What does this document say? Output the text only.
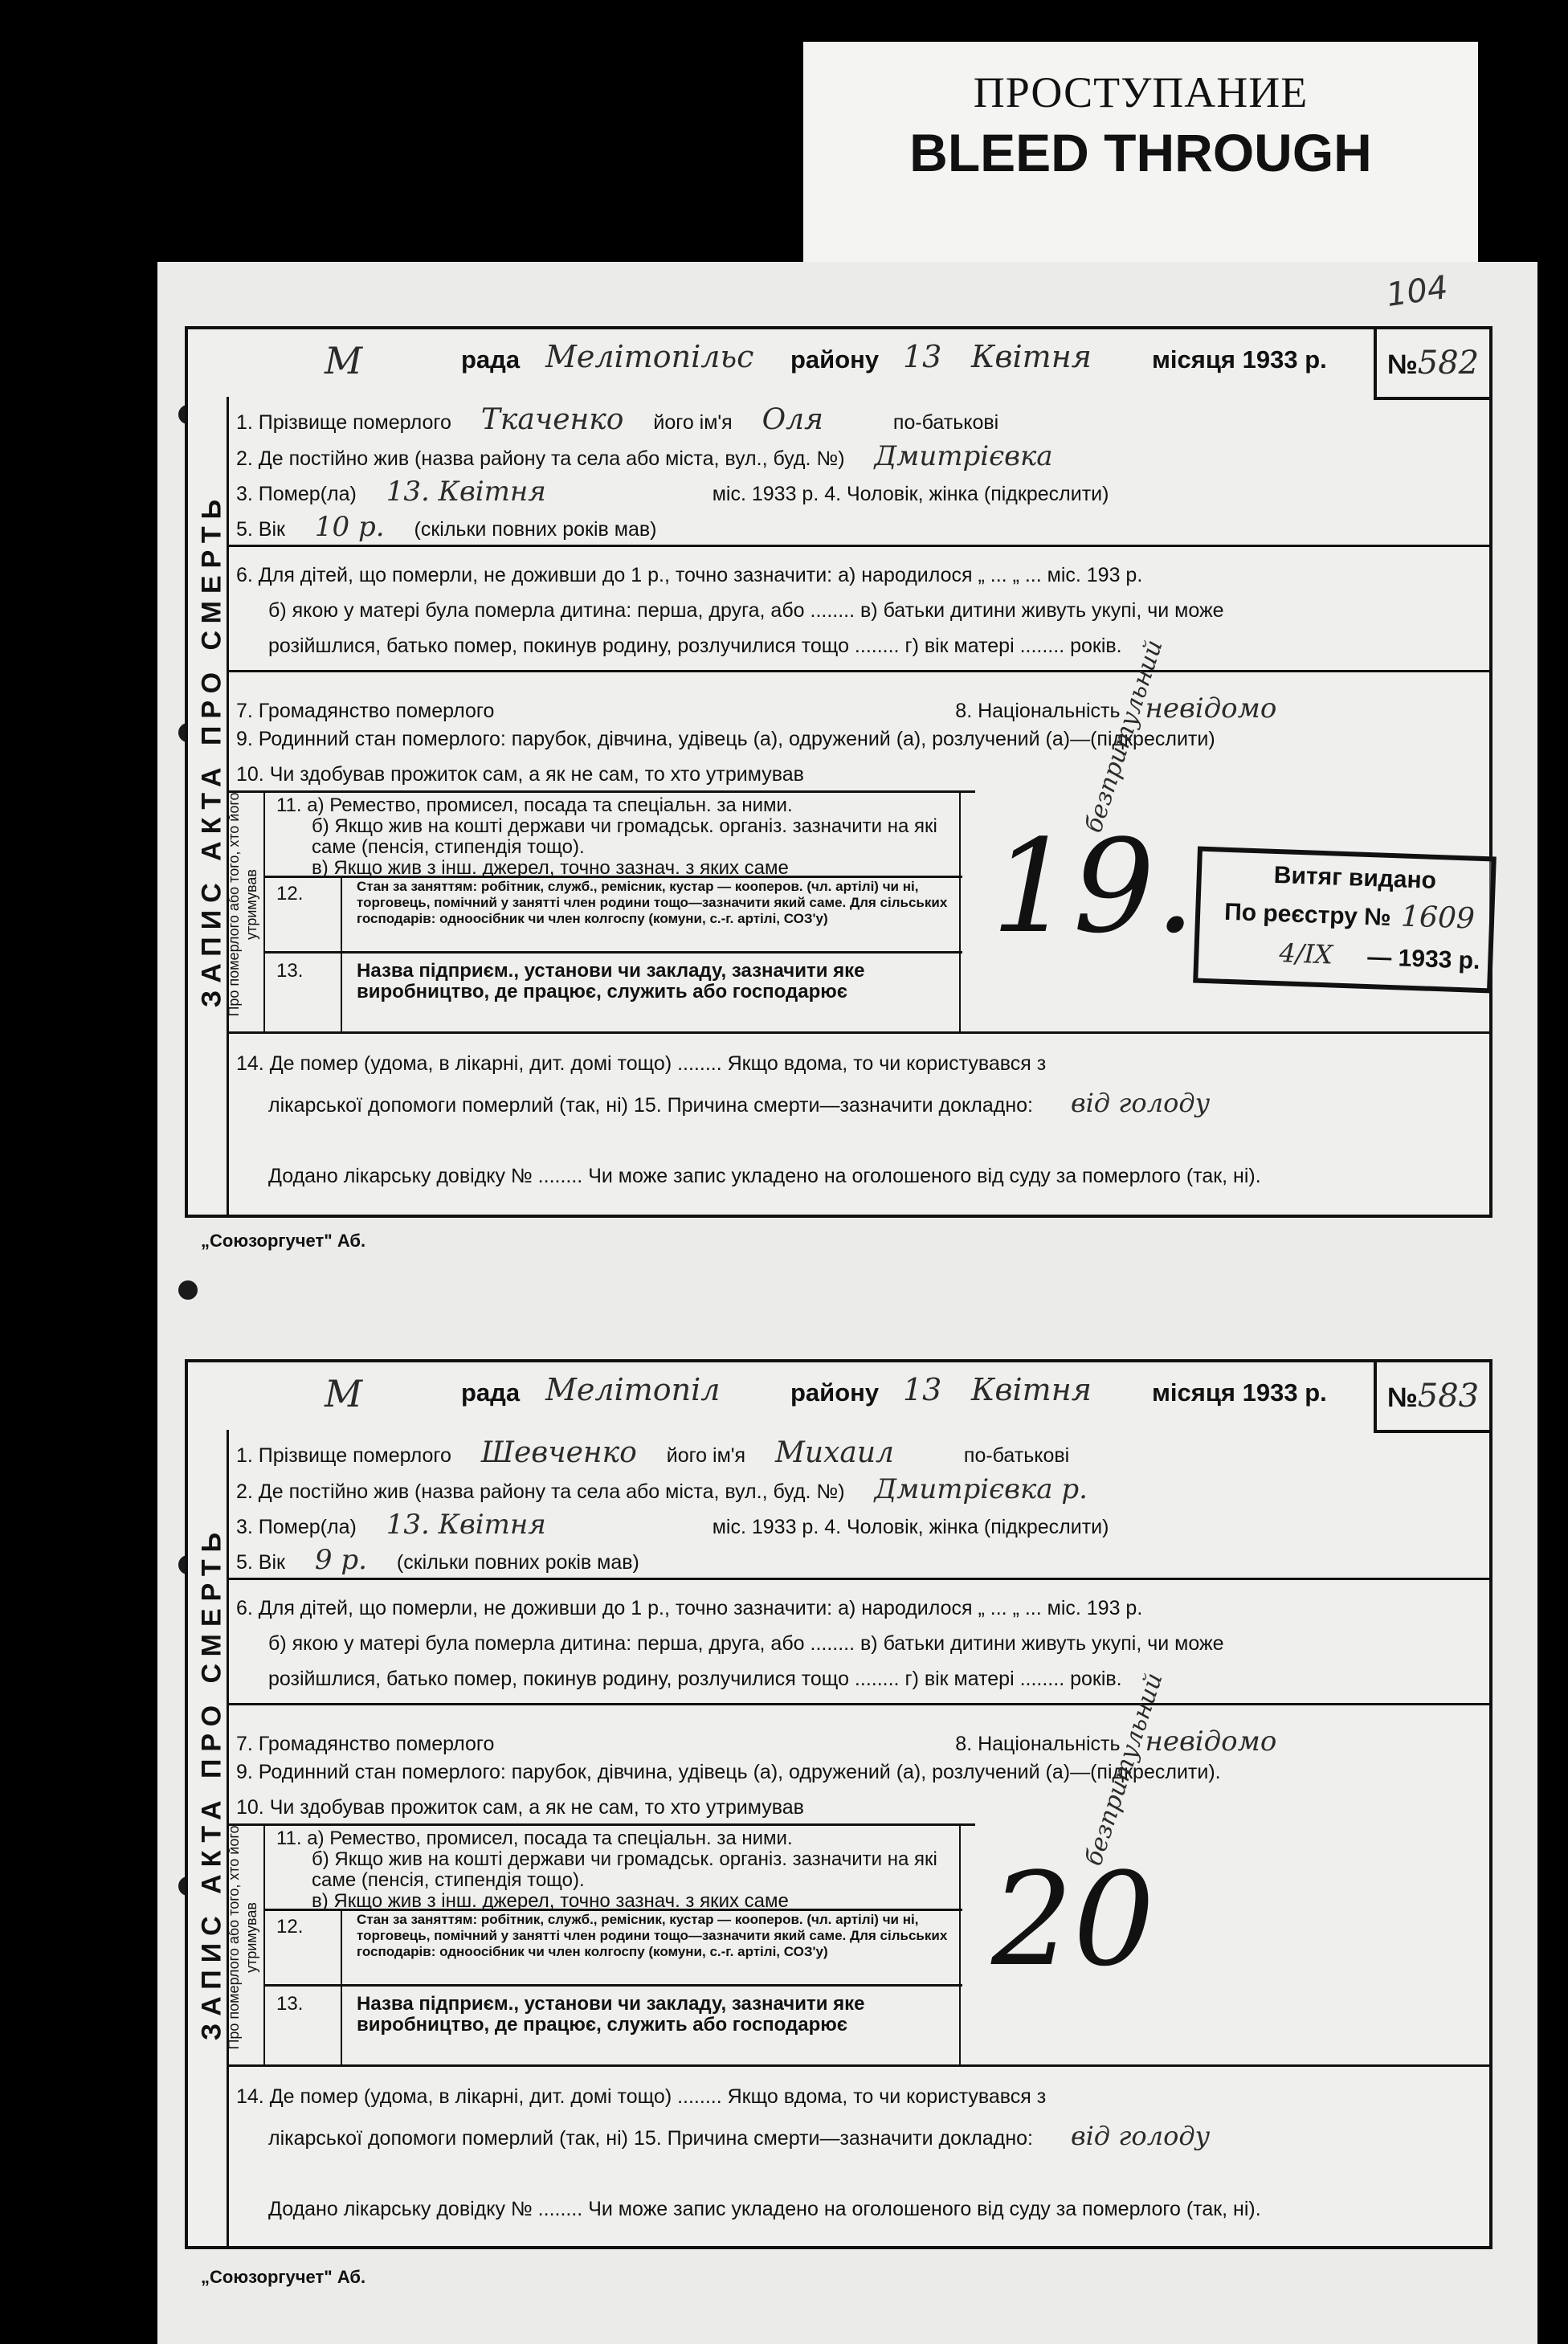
ПРОСТУПАНИЕ
BLEED THROUGH
104
М	рада Мелітопільс району 13 Квітня місяця 1933 р.	№582
ЗАПИС АКТА ПРО СМЕРТЬ
1. Прізвище померлого Ткаченко його ім'я Оля	по-батькові
2. Де постійно жив (назва району та села або міста, вул., буд. №) Дмитрієвка
3. Помер(ла) 13. Квітня	міс. 1933 р. 4. Чоловік, жінка (підкреслити)
5. Вік 10 р. (скільки повних років мав)
6. Для дітей, що померли, не доживши до 1 р., точно зазначити: а) народилося „ ... „ ... міс. 193 р.
б) якою у матері була померла дитина: перша, друга, або ........ в) батьки дитини живуть укупі, чи може
розійшлися, батько помер, покинув родину, розлучилися тощо ........ г) вік матері ........ років.
7. Громадянство померлого	8. Національність невідомо
9. Родинний стан померлого: парубок, дівчина, удівець (а), одружений (а), розлучений (а)—(підкреслити)
10. Чи здобував прожиток сам, а як не сам, то хто утримував
Про померлого або того, хто його утримував
11. а) Ремество, промисел, посада та спеціальн. за ними.
б) Якщо жив на коштi держави чи громадськ. організ. зазначити на які саме (пенсія, стипендія тощо).
в) Якщо жив з інш. джерел, точно зазнач. з яких саме
12.	Стан за заняттям: робітник, служб., ремісник, кустар — кооперов. (чл. артілі) чи ні, торговець, помічний у занятті член родини тощо—зазначити який саме. Для сільських господарів: одноосібник чи член колгоспу (комуни, с.-г. артілі, СОЗ'у)
13.	Назва підприєм., установи чи закладу, зазначити яке виробництво, де працює, служить або господарює
19.
безпритульний
14. Де помер (удома, в лікарні, дит. домі тощо) ........ Якщо вдома, то чи користувався з
лікарської допомоги померлий (так, ні) 15. Причина смерти—зазначити докладно: від голоду
Додано лікарську довідку № ........ Чи може запис укладено на оголошеного від суду за померлого (так, ні).
Витяг видано
По реєстру № 1609
4/IX — 1933 р.
М	рада Мелітопіл	району 13 Квітня місяця 1933 р.	№583
ЗАПИС АКТА ПРО СМЕРТЬ
1. Прізвище померлого Шевченко його ім'я Михаил	по-батькові
2. Де постійно жив (назва району та села або міста, вул., буд. №) Дмитрієвка р.
3. Помер(ла) 13. Квітня	міс. 1933 р. 4. Чоловік, жінка (підкреслити)
5. Вік 9 р. (скільки повних років мав)
6. Для дітей, що померли, не доживши до 1 р., точно зазначити: а) народилося „ ... „ ... міс. 193 р.
б) якою у матері була померла дитина: перша, друга, або ........ в) батьки дитини живуть укупі, чи може
розійшлися, батько помер, покинув родину, розлучилися тощо ........ г) вік матері ........ років.
7. Громадянство померлого	8. Національність невідомо
9. Родинний стан померлого: парубок, дівчина, удівець (а), одружений (а), розлучений (а)—(підкреслити).
10. Чи здобував прожиток сам, а як не сам, то хто утримував
Про померлого або того, хто його утримував
11. а) Ремество, промисел, посада та спеціальн. за ними.
б) Якщо жив на коштi держави чи громадськ. організ. зазначити на які саме (пенсія, стипендія тощо).
в) Якщо жив з інш. джерел, точно зазнач. з яких саме
12.	Стан за заняттям: робітник, служб., ремісник, кустар — кооперов. (чл. артілі) чи ні, торговець, помічний у занятті член родини тощо—зазначити який саме. Для сільських господарів: одноосібник чи член колгоспу (комуни, с.-г. артілі, СОЗ'у)
13.	Назва підприєм., установи чи закладу, зазначити яке виробництво, де працює, служить або господарює
20
безпритульний
14. Де помер (удома, в лікарні, дит. домі тощо) ........ Якщо вдома, то чи користувався з
лікарської допомоги померлий (так, ні) 15. Причина смерти—зазначити докладно: від голоду
Додано лікарську довідку № ........ Чи може запис укладено на оголошеного від суду за померлого (так, ні).
„Союзоргучет" Аб.
„Союзоргучет" Аб.
